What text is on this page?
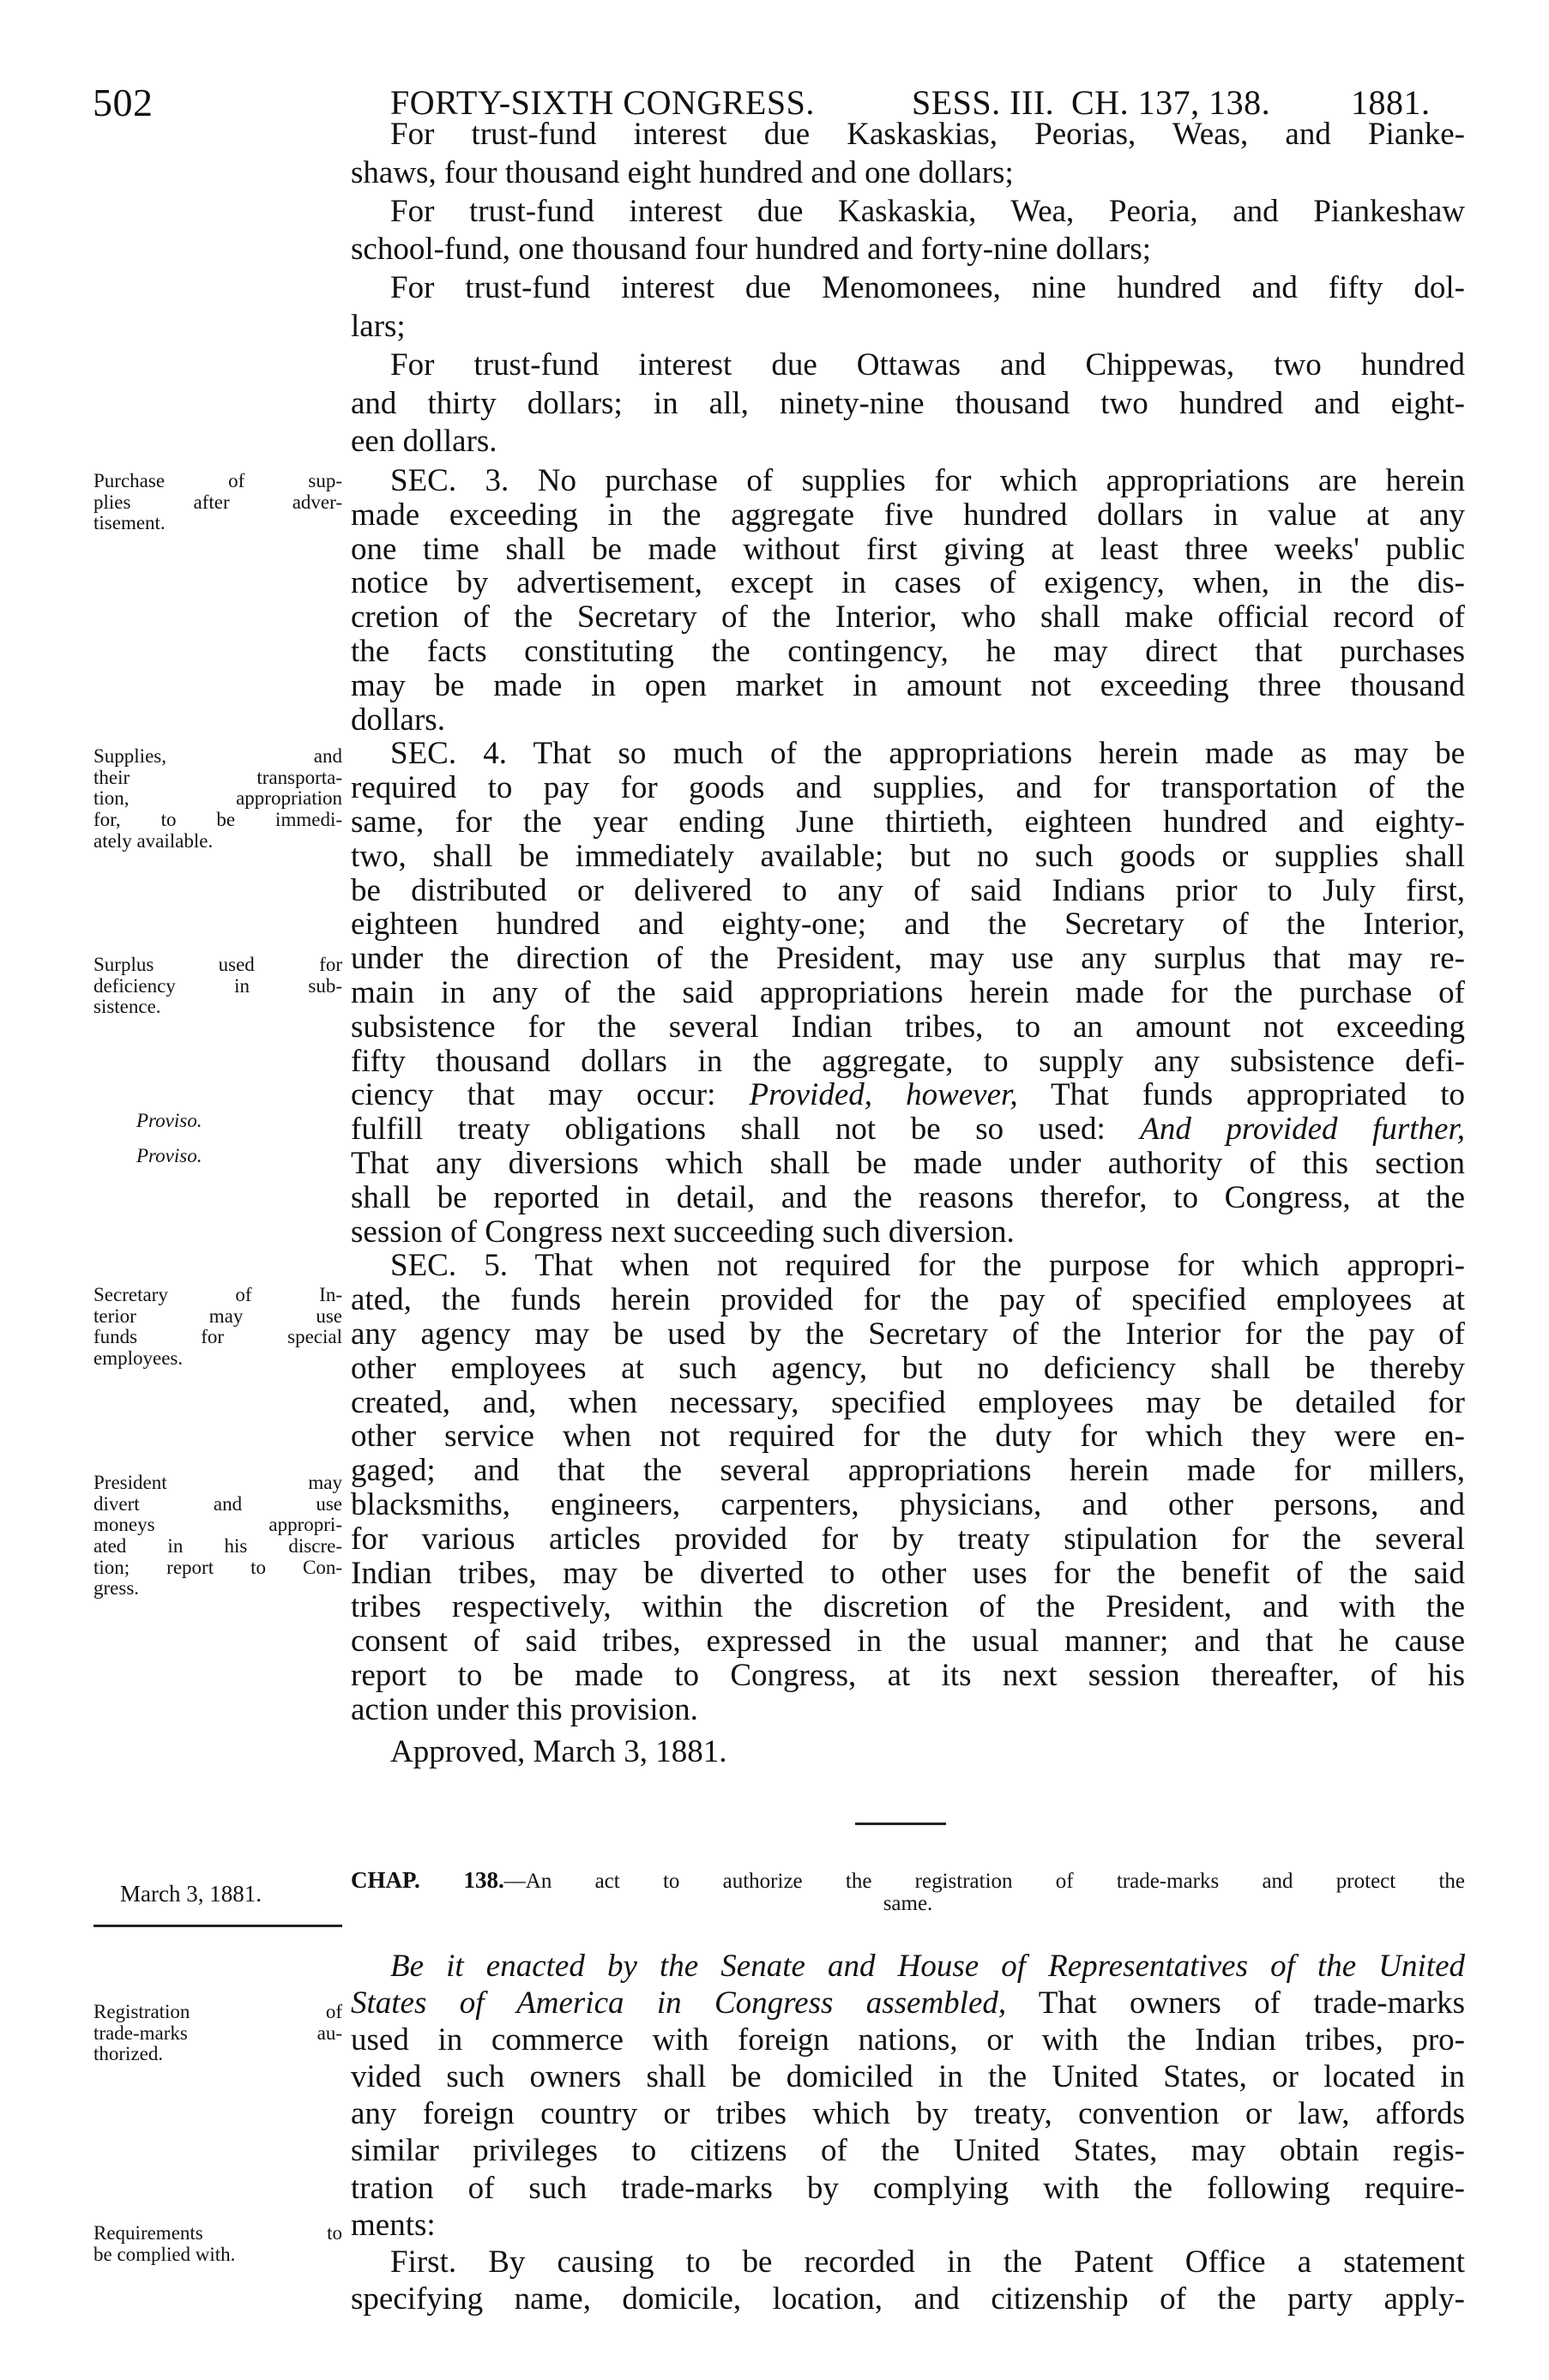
502	FORTY-SIXTH CONGRESS.	SESS. III. CH. 137, 138. 1881.
For trust-fund interest due Kaskaskias, Peorias, Weas, and Pianke-
shaws, four thousand eight hundred and one dollars;
For trust-fund interest due Kaskaskia, Wea, Peoria, and Piankeshaw
school-fund, one thousand four hundred and forty-nine dollars;
For trust-fund interest due Menomonees, nine hundred and fifty dol-
lars;
For trust-fund interest due Ottawas and Chippewas, two hundred
and thirty dollars; in all, ninety-nine thousand two hundred and eight-
een dollars.
SEC. 3. No purchase of supplies for which appropriations are herein
made exceeding in the aggregate five hundred dollars in value at any
one time shall be made without first giving at least three weeks' public
notice by advertisement, except in cases of exigency, when, in the dis-
cretion of the Secretary of the Interior, who shall make official record of
the facts constituting the contingency, he may direct that purchases
may be made in open market in amount not exceeding three thousand
dollars.
SEC. 4. That so much of the appropriations herein made as may be
required to pay for goods and supplies, and for transportation of the
same, for the year ending June thirtieth, eighteen hundred and eighty-
two, shall be immediately available; but no such goods or supplies shall
be distributed or delivered to any of said Indians prior to July first,
eighteen hundred and eighty-one; and the Secretary of the Interior,
under the direction of the President, may use any surplus that may re-
main in any of the said appropriations herein made for the purchase of
subsistence for the several Indian tribes, to an amount not exceeding
fifty thousand dollars in the aggregate, to supply any subsistence defi-
ciency that may occur: Provided, however, That funds appropriated to
fulfill treaty obligations shall not be so used: And provided further,
That any diversions which shall be made under authority of this section
shall be reported in detail, and the reasons therefor, to Congress, at the
session of Congress next succeeding such diversion.
SEC. 5. That when not required for the purpose for which appropri-
ated, the funds herein provided for the pay of specified employees at
any agency may be used by the Secretary of the Interior for the pay of
other employees at such agency, but no deficiency shall be thereby
created, and, when necessary, specified employees may be detailed for
other service when not required for the duty for which they were en-
gaged; and that the several appropriations herein made for millers,
blacksmiths, engineers, carpenters, physicians, and other persons, and
for various articles provided for by treaty stipulation for the several
Indian tribes, may be diverted to other uses for the benefit of the said
tribes respectively, within the discretion of the President, and with the
consent of said tribes, expressed in the usual manner; and that he cause
report to be made to Congress, at its next session thereafter, of his
action under this provision.
Approved, March 3, 1881.
CHAP. 138.—An act to authorize the registration of trade-marks and protect the
same.
March 3, 1881.
Be it enacted by the Senate and House of Representatives of the United
States of America in Congress assembled, That owners of trade-marks
used in commerce with foreign nations, or with the Indian tribes, pro-
vided such owners shall be domiciled in the United States, or located in
any foreign country or tribes which by treaty, convention or law, affords
similar privileges to citizens of the United States, may obtain regis-
tration of such trade-marks by complying with the following require-
ments:
First. By causing to be recorded in the Patent Office a statement
specifying name, domicile, location, and citizenship of the party apply-
Purchase of sup-
plies after adver-
tisement.
Supplies, and
their transporta-
tion, appropriation
for, to be immedi-
ately available.
Surplus used for
deficiency in sub-
sistence.
Proviso.
Proviso.
Secretary of In-
terior may use
funds for special
employees.
President may
divert and use
moneys appropri-
ated in his discre-
tion; report to Con-
gress.
Registration of
trade-marks au-
thorized.
Requirements to
be complied with.
